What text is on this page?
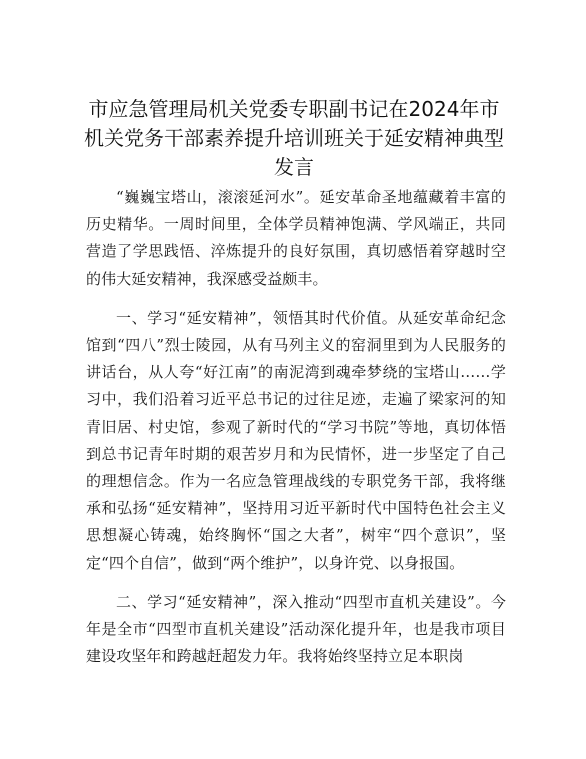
市应急管理局机关党委专职副书记在2024年市机关党务干部素养提升培训班关于延安精神典型发言

“巍巍宝塔山，滚滚延河水”。延安革命圣地蕴藏着丰富的历史精华。一周时间里，全体学员精神饱满、学风端正，共同营造了学思践悟、淬炼提升的良好氛围，真切感悟着穿越时空的伟大延安精神，我深感受益颇丰。

一、学习“延安精神”，领悟其时代价值。从延安革命纪念馆到“四八”烈士陵园，从有马列主义的窑洞里到为人民服务的讲话台，从人夸“好江南”的南泥湾到魂牵梦绕的宝塔山……学习中，我们沿着习近平总书记的过往足迹，走遍了梁家河的知青旧居、村史馆，参观了新时代的“学习书院”等地，真切体悟到总书记青年时期的艰苦岁月和为民情怀，进一步坚定了自己的理想信念。作为一名应急管理战线的专职党务干部，我将继承和弘扬“延安精神”，坚持用习近平新时代中国特色社会主义思想凝心铸魂，始终胸怀“国之大者”，树牢“四个意识”，坚定“四个自信”，做到“两个维护”，以身许党、以身报国。

二、学习“延安精神”，深入推动“四型市直机关建设”。今年是全市“四型市直机关建设”活动深化提升年，也是我市项目建设攻坚年和跨越赶超发力年。我将始终坚持立足本职岗
